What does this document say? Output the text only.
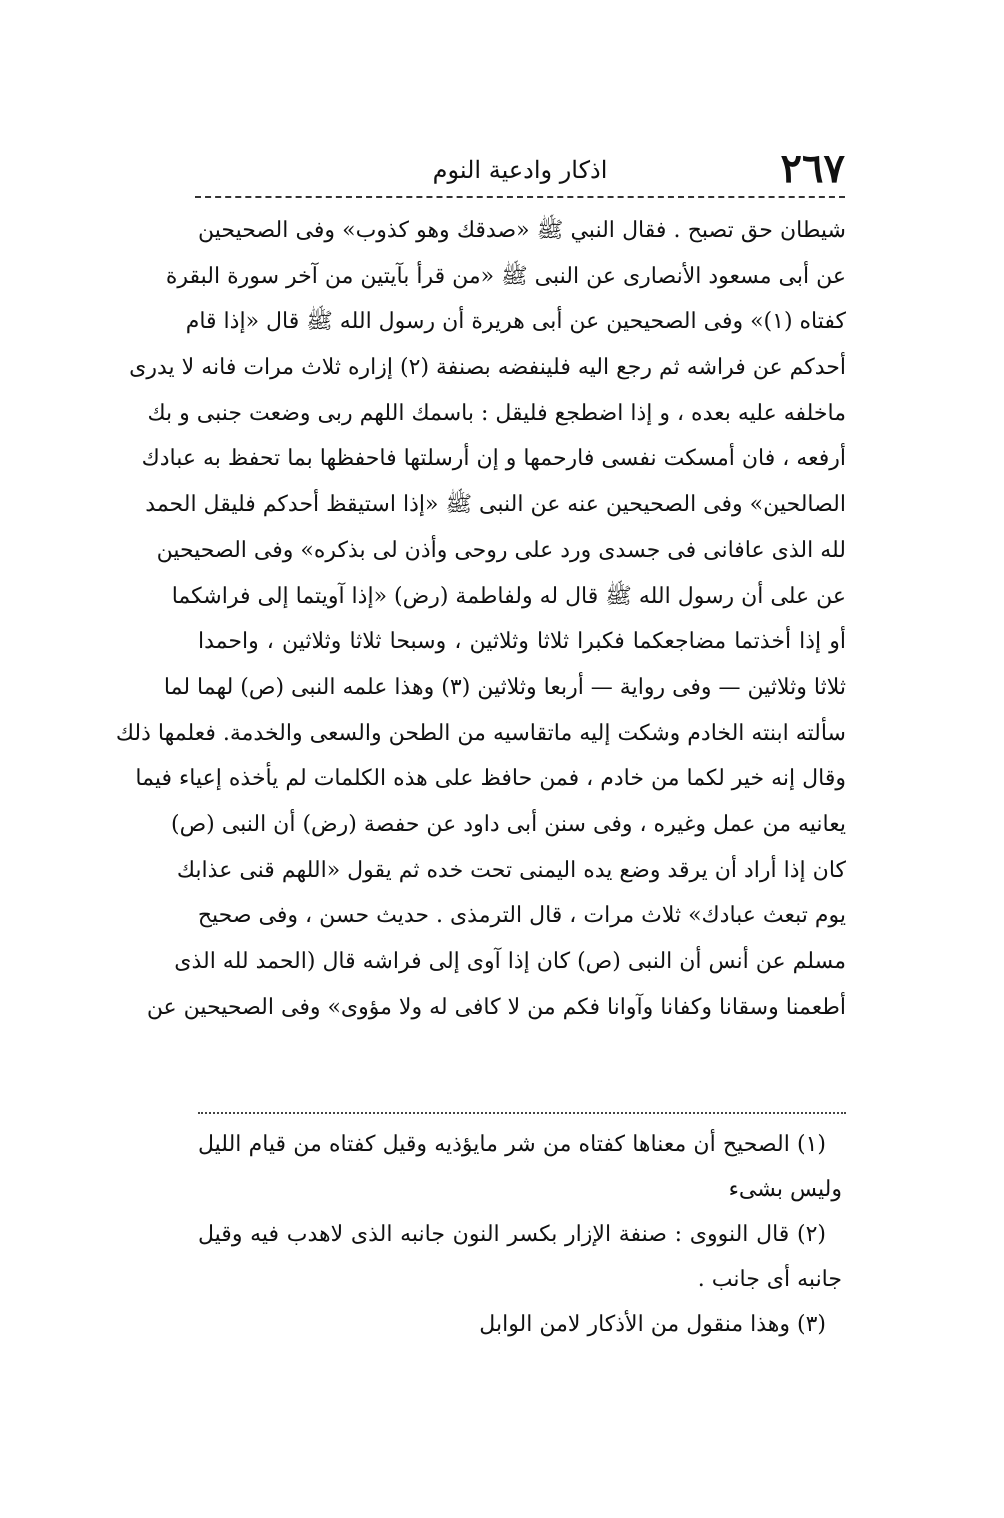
٢٦٧
اذكار وادعية النوم
شيطان حق تصبح . فقال النبي ﷺ «صدقك وهو كذوب» وفى الصحيحين
عن أبى مسعود الأنصارى عن النبى ﷺ «من قرأ بآيتين من آخر سورة البقرة
كفتاه (١)» وفى الصحيحين عن أبى هريرة أن رسول الله ﷺ قال «إذا قام
أحدكم عن فراشه ثم رجع اليه فلينفضه بصنفة (٢) إزاره ثلاث مرات فانه لا يدرى
ماخلفه عليه بعده ، و إذا اضطجع فليقل : باسمك اللهم ربى وضعت جنبى و بك
أرفعه ، فان أمسكت نفسى فارحمها و إن أرسلتها فاحفظها بما تحفظ به عبادك
الصالحين» وفى الصحيحين عنه عن النبى ﷺ «إذا استيقظ أحدكم فليقل الحمد
لله الذى عافانى فى جسدى ورد على روحى وأذن لى بذكره» وفى الصحيحين
عن على أن رسول الله ﷺ قال له ولفاطمة (رض) «إذا آويتما إلى فراشكما
أو إذا أخذتما مضاجعكما فكبرا ثلاثا وثلاثين ، وسبحا ثلاثا وثلاثين ، واحمدا
ثلاثا وثلاثين — وفى رواية — أربعا وثلاثين (٣) وهذا علمه النبى (ص) لهما لما
سألته ابنته الخادم وشكت إليه ماتقاسيه من الطحن والسعى والخدمة. فعلمها ذلك
وقال إنه خير لكما من خادم ، فمن حافظ على هذه الكلمات لم يأخذه إعياء فيما
يعانيه من عمل وغيره ، وفى سنن أبى داود عن حفصة (رض) أن النبى (ص)
كان إذا أراد أن يرقد وضع يده اليمنى تحت خده ثم يقول «اللهم قنى عذابك
يوم تبعث عبادك» ثلاث مرات ، قال الترمذى . حديث حسن ، وفى صحيح
مسلم عن أنس أن النبى (ص) كان إذا آوى إلى فراشه قال (الحمد لله الذى
أطعمنا وسقانا وكفانا وآوانا فكم من لا كافى له ولا مؤوى» وفى الصحيحين عن
(١) الصحيح أن معناها كفتاه من شر مايؤذيه وقيل كفتاه من قيام الليل
وليس بشىء
(٢) قال النووى : صنفة الإزار بكسر النون جانبه الذى لاهدب فيه وقيل
جانبه أى جانب .
(٣) وهذا منقول من الأذكار لامن الوابل
